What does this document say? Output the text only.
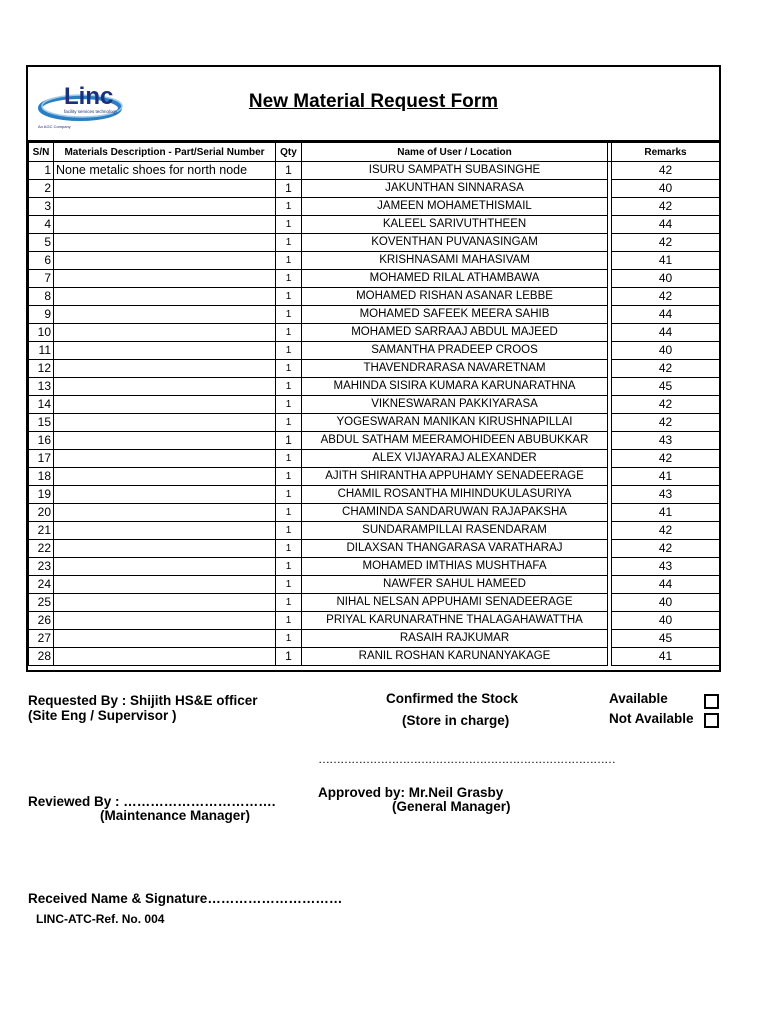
Linc
facility services technology
An AGC Company
New Material Request Form
S/N	Materials Description - Part/Serial Number	Qty	Name of User / Location		Remarks
1	None metalic shoes for north node	1	ISURU SAMPATH SUBASINGHE		42
2		1	JAKUNTHAN SINNARASA		40
3		1	JAMEEN MOHAMETHISMAIL		42
4		1	KALEEL SARIVUTHTHEEN		44
5		1	KOVENTHAN PUVANASINGAM		42
6		1	KRISHNASAMI MAHASIVAM		41
7		1	MOHAMED RILAL ATHAMBAWA		40
8		1	MOHAMED RISHAN ASANAR LEBBE		42
9		1	MOHAMED SAFEEK MEERA SAHIB		44
10		1	MOHAMED SARRAAJ ABDUL MAJEED		44
11		1	SAMANTHA PRADEEP CROOS		40
12		1	THAVENDRARASA NAVARETNAM		42
13		1	MAHINDA SISIRA KUMARA KARUNARATHNA		45
14		1	VIKNESWARAN PAKKIYARASA		42
15		1	YOGESWARAN MANIKAN KIRUSHNAPILLAI		42
16		1	ABDUL SATHAM MEERAMOHIDEEN ABUBUKKAR		43
17		1	ALEX VIJAYARAJ ALEXANDER		42
18		1	AJITH SHIRANTHA APPUHAMY SENADEERAGE		41
19		1	CHAMIL ROSANTHA MIHINDUKULASURIYA		43
20		1	CHAMINDA SANDARUWAN RAJAPAKSHA		41
21		1	SUNDARAMPILLAI RASENDARAM		42
22		1	DILAXSAN THANGARASA VARATHARAJ		42
23		1	MOHAMED IMTHIAS MUSHTHAFA		43
24		1	NAWFER SAHUL HAMEED		44
25		1	NIHAL NELSAN APPUHAMI SENADEERAGE		40
26		1	PRIYAL KARUNARATHNE THALAGAHAWATTHA		40
27		1	RASAIH RAJKUMAR		45
28		1	RANIL ROSHAN KARUNANYAKAGE		41
Requested By : Shijith HS&E officer
(Site Eng / Supervisor )
Confirmed the Stock
(Store in charge)
Available
Not Available
………………………………………………………………………
Reviewed By : …………………………….
(Maintenance Manager)
Approved by: Mr.Neil Grasby
(General Manager)
Received Name & Signature…………………………
LINC-ATC-Ref. No. 004
